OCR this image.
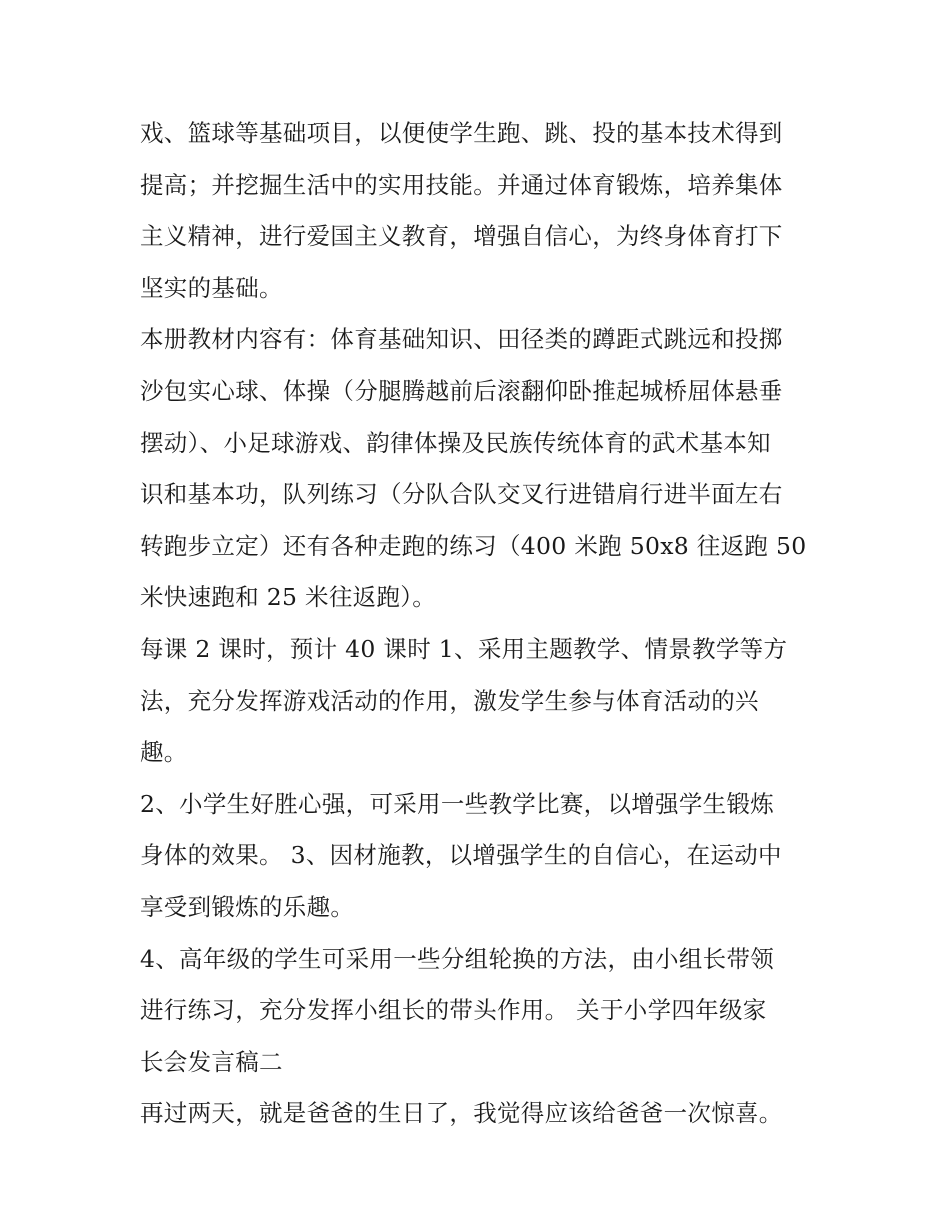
戏、篮球等基础项目，以便使学生跑、跳、投的基本技术得到
提高；并挖掘生活中的实用技能。并通过体育锻炼，培养集体
主义精神，进行爱国主义教育，增强自信心，为终身体育打下
坚实的基础。
本册教材内容有：体育基础知识、田径类的蹲距式跳远和投掷
沙包实心球、体操（分腿腾越前后滚翻仰卧推起城桥屈体悬垂
摆动）、小足球游戏、韵律体操及民族传统体育的武术基本知
识和基本功，队列练习（分队合队交叉行进错肩行进半面左右
转跑步立定）还有各种走跑的练习（400 米跑 50x8 往返跑 50
米快速跑和 25 米往返跑）。
每课 2 课时，预计 40 课时 1、采用主题教学、情景教学等方
法，充分发挥游戏活动的作用，激发学生参与体育活动的兴
趣。
2、小学生好胜心强，可采用一些教学比赛，以增强学生锻炼
身体的效果。 3、因材施教，以增强学生的自信心，在运动中
享受到锻炼的乐趣。
4、高年级的学生可采用一些分组轮换的方法，由小组长带领
进行练习，充分发挥小组长的带头作用。 关于小学四年级家
长会发言稿二
再过两天，就是爸爸的生日了，我觉得应该给爸爸一次惊喜。
